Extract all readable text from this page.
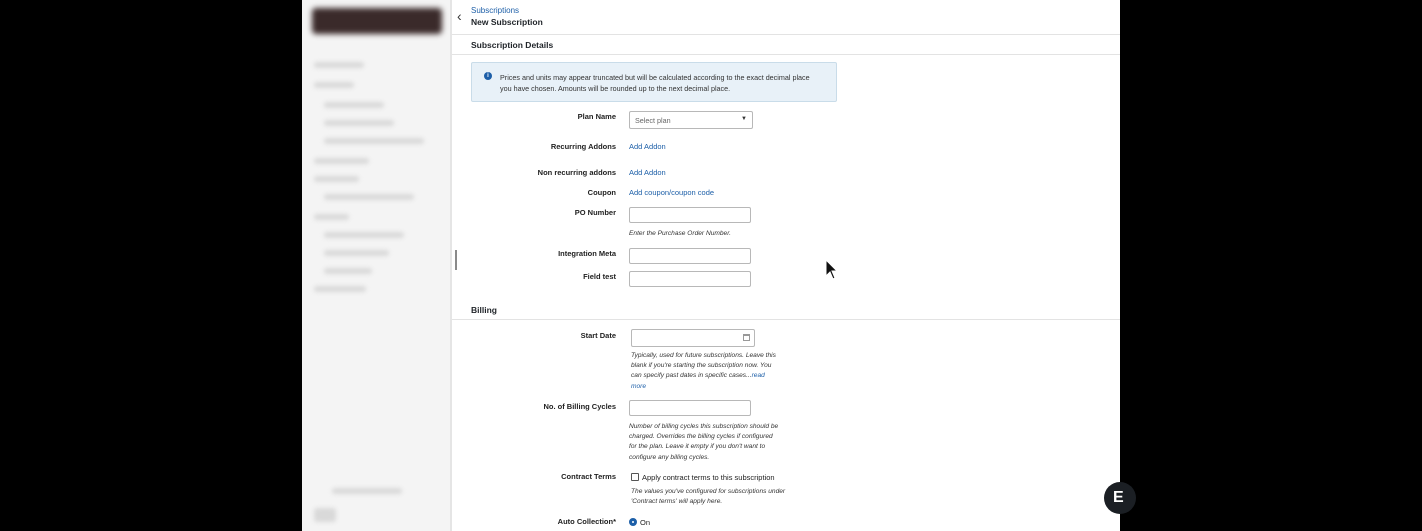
‹ Subscriptions
New Subscription
Subscription Details
i	Prices and units may appear truncated but will be calculated according to the exact decimal place you have chosen. Amounts will be rounded up to the next decimal place.
Plan Name	Select plan	▼
Recurring Addons Add Addon
Non recurring addons Add Addon
Coupon Add coupon/coupon code
PO Number
Enter the Purchase Order Number.
Integration Meta
Field test
Billing
Start Date
Typically, used for future subscriptions. Leave this blank if you're starting the subscription now. You can specify past dates in specific cases...read more
No. of Billing Cycles
Number of billing cycles this subscription should be charged. Overrides the billing cycles if configured for the plan. Leave it empty if you don't want to configure any billing cycles.
Contract Terms	Apply contract terms to this subscription
The values you've configured for subscriptions under 'Contract terms' will apply here.
Auto Collection*	On
E
